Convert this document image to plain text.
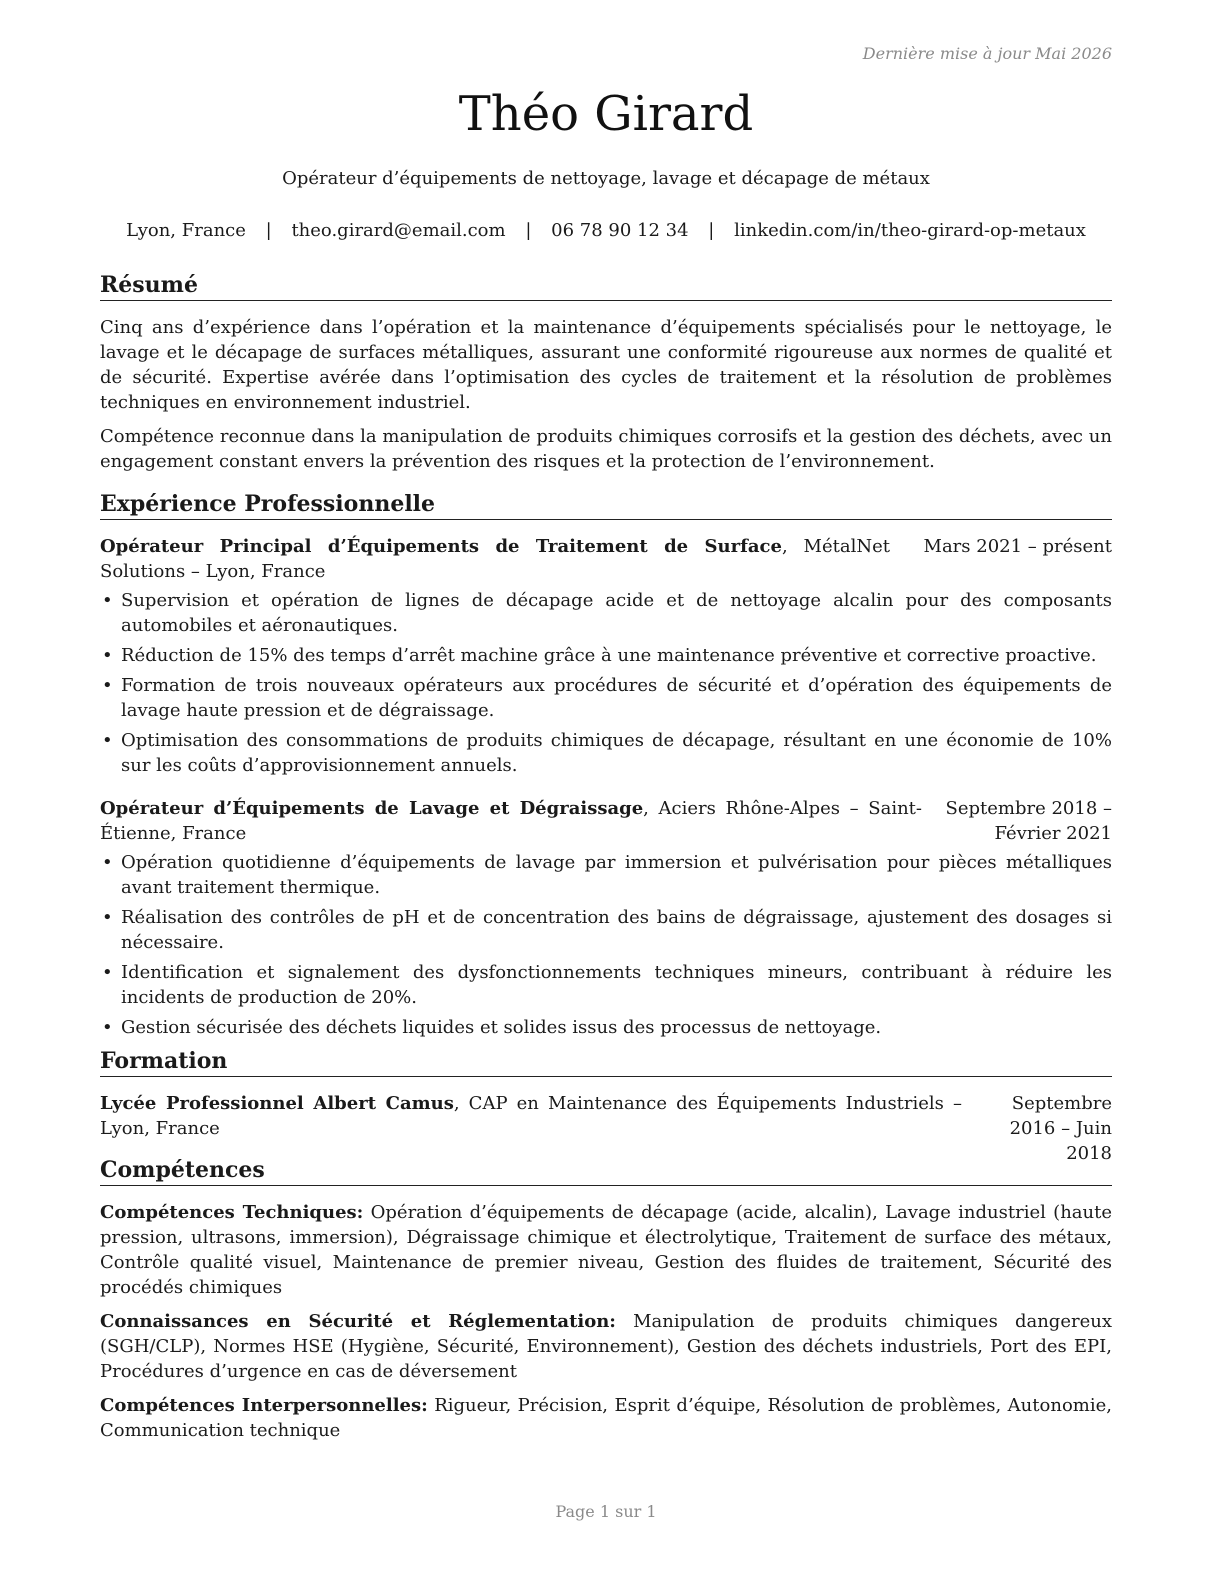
Dernière mise à jour Mai 2026
Théo Girard
Opérateur d’équipements de nettoyage, lavage et décapage de métaux
Lyon, France | theo.girard@email.com | 06 78 90 12 34 | linkedin.com/in/theo-girard-op-metaux
Résumé

Cinq ans d’expérience dans l’opération et la maintenance d’équipements spécialisés pour le nettoyage, le lavage et le décapage de surfaces métalliques, assurant une conformité rigoureuse aux normes de qualité et de sécurité. Expertise avérée dans l’optimisation des cycles de traitement et la résolution de problèmes techniques en environnement industriel.

Compétence reconnue dans la manipulation de produits chimiques corrosifs et la gestion des déchets, avec un engagement constant envers la prévention des risques et la protection de l’environnement.

Expérience Professionnelle
Opérateur Principal d’Équipements de Traitement de Surface, MétalNet Solutions – Lyon, France
Mars 2021 – présent
• Supervision et opération de lignes de décapage acide et de nettoyage alcalin pour des composants automobiles et aéronautiques.
• Réduction de 15% des temps d’arrêt machine grâce à une maintenance préventive et corrective proactive.
• Formation de trois nouveaux opérateurs aux procédures de sécurité et d’opération des équipements de lavage haute pression et de dégraissage.
• Optimisation des consommations de produits chimiques de décapage, résultant en une économie de 10% sur les coûts d’approvisionnement annuels.
Opérateur d’Équipements de Lavage et Dégraissage, Aciers Rhône-Alpes – Saint-Étienne, France
Septembre 2018 – Février 2021
• Opération quotidienne d’équipements de lavage par immersion et pulvérisation pour pièces métalliques avant traitement thermique.
• Réalisation des contrôles de pH et de concentration des bains de dégraissage, ajustement des dosages si nécessaire.
• Identification et signalement des dysfonctionnements techniques mineurs, contribuant à réduire les incidents de production de 20%.
• Gestion sécurisée des déchets liquides et solides issus des processus de nettoyage.
Formation
Lycée Professionnel Albert Camus, CAP en Maintenance des Équipements Industriels – Lyon, France
Septembre 2016 – Juin 2018
Compétences
Compétences Techniques: Opération d’équipements de décapage (acide, alcalin), Lavage industriel (haute pression, ultrasons, immersion), Dégraissage chimique et électrolytique, Traitement de surface des métaux, Contrôle qualité visuel, Maintenance de premier niveau, Gestion des fluides de traitement, Sécurité des procédés chimiques
Connaissances en Sécurité et Réglementation: Manipulation de produits chimiques dangereux (SGH/CLP), Normes HSE (Hygiène, Sécurité, Environnement), Gestion des déchets industriels, Port des EPI, Procédures d’urgence en cas de déversement
Compétences Interpersonnelles: Rigueur, Précision, Esprit d’équipe, Résolution de problèmes, Autonomie, Communication technique
Page 1 sur 1
